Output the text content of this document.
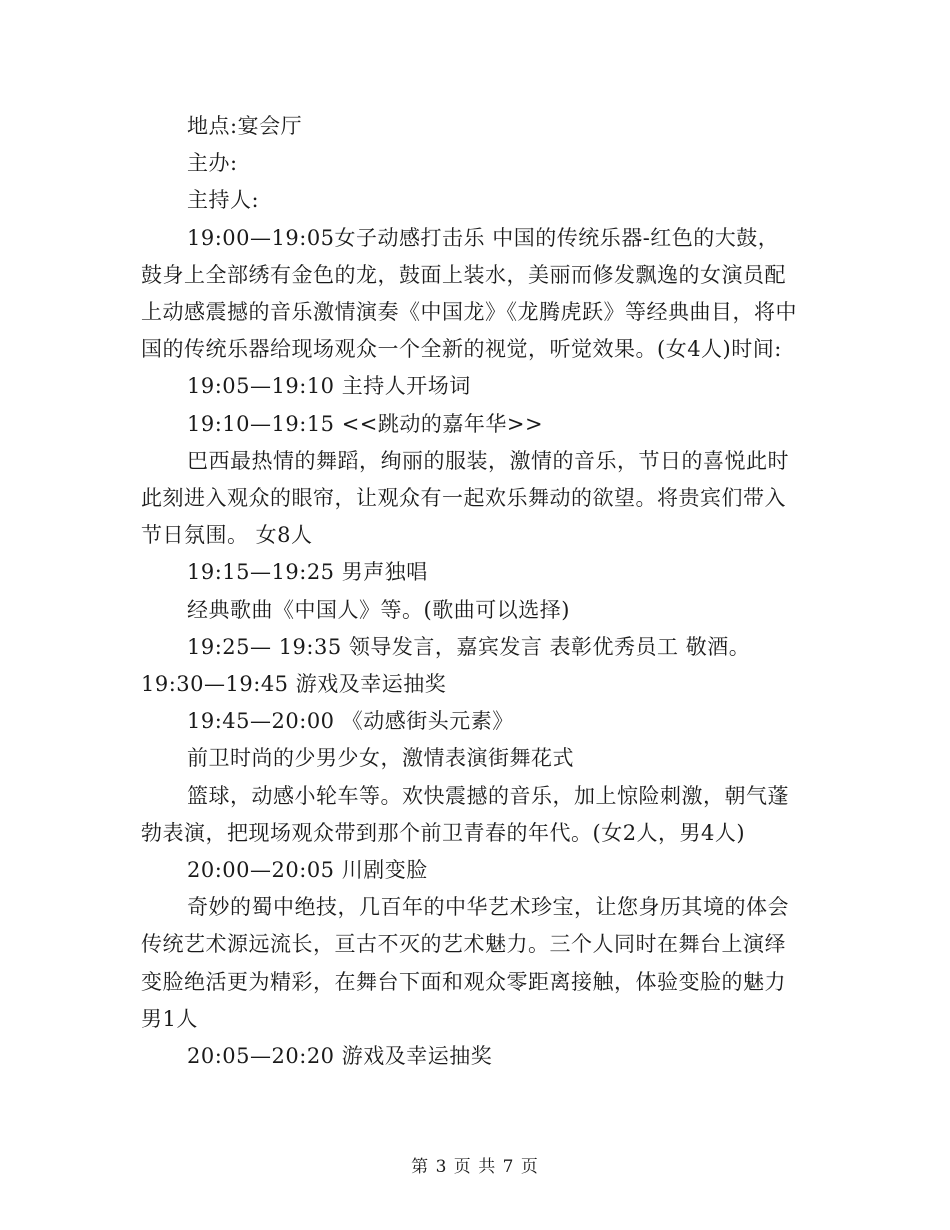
地点:宴会厅

主办:

主持人:

19:00—19:05女子动感打击乐 中国的传统乐器-红色的大鼓，鼓身上全部绣有金色的龙，鼓面上装水，美丽而修发飘逸的女演员配上动感震撼的音乐激情演奏《中国龙》《龙腾虎跃》等经典曲目，将中国的传统乐器给现场观众一个全新的视觉，听觉效果。(女4人)时间:

19:05—19:10 主持人开场词

19:10—19:15 <<跳动的嘉年华>>

巴西最热情的舞蹈，绚丽的服装，激情的音乐，节日的喜悦此时此刻进入观众的眼帘，让观众有一起欢乐舞动的欲望。将贵宾们带入节日氛围。 女8人

19:15—19:25 男声独唱

经典歌曲《中国人》等。(歌曲可以选择)

19:25— 19:35 领导发言，嘉宾发言 表彰优秀员工 敬酒。

19:30—19:45 游戏及幸运抽奖

19:45—20:00 《动感街头元素》

前卫时尚的少男少女，激情表演街舞花式

篮球，动感小轮车等。欢快震撼的音乐，加上惊险刺激，朝气蓬勃表演，把现场观众带到那个前卫青春的年代。(女2人，男4人)

20:00—20:05 川剧变脸

奇妙的蜀中绝技，几百年的中华艺术珍宝，让您身历其境的体会传统艺术源远流长，亘古不灭的艺术魅力。三个人同时在舞台上演绎变脸绝活更为精彩，在舞台下面和观众零距离接触，体验变脸的魅力 男1人

20:05—20:20 游戏及幸运抽奖

第 3 页 共 7 页
